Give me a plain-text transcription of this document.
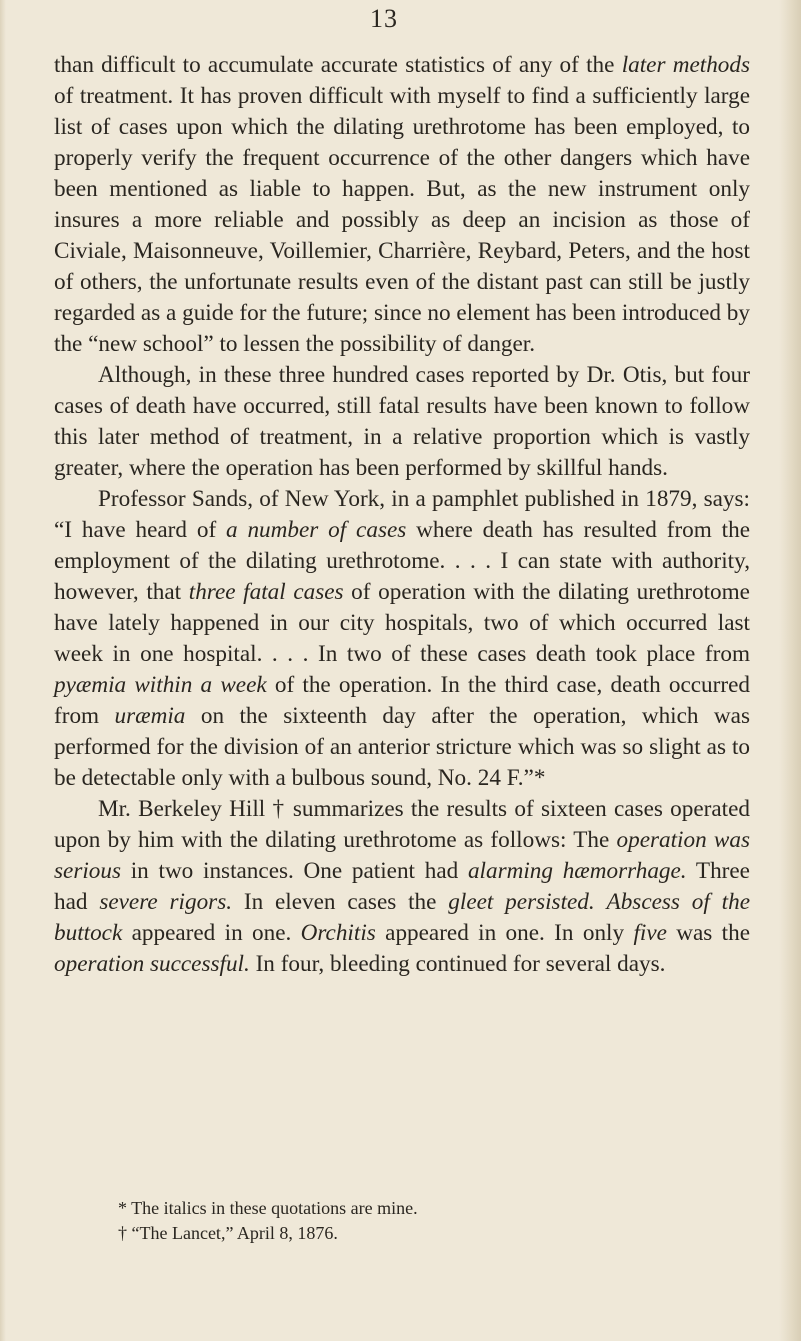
13

than difficult to accumulate accurate statistics of any of the later methods of treatment. It has proven difficult with myself to find a sufficiently large list of cases upon which the dilating urethrotome has been employed, to properly verify the frequent occurrence of the other dangers which have been mentioned as liable to happen. But, as the new instrument only insures a more reliable and possibly as deep an incision as those of Civiale, Maisonneuve, Voillemier, Charrière, Reybard, Peters, and the host of others, the unfortunate results even of the distant past can still be justly regarded as a guide for the future; since no element has been introduced by the “new school” to lessen the possibility of danger.

Although, in these three hundred cases reported by Dr. Otis, but four cases of death have occurred, still fatal results have been known to follow this later method of treatment, in a relative proportion which is vastly greater, where the operation has been performed by skillful hands.

Professor Sands, of New York, in a pamphlet published in 1879, says: “I have heard of a number of cases where death has resulted from the employment of the dilating urethrotome. . . . I can state with authority, however, that three fatal cases of operation with the dilating urethrotome have lately happened in our city hospitals, two of which occurred last week in one hospital. . . . In two of these cases death took place from pyæmia within a week of the operation. In the third case, death occurred from uræmia on the sixteenth day after the operation, which was performed for the division of an anterior stricture which was so slight as to be detectable only with a bulbous sound, No. 24 F.”*

Mr. Berkeley Hill † summarizes the results of sixteen cases operated upon by him with the dilating urethrotome as follows: The operation was serious in two instances. One patient had alarming hæmorrhage. Three had severe rigors. In eleven cases the gleet persisted. Abscess of the buttock appeared in one. Orchitis appeared in one. In only five was the operation successful. In four, bleeding continued for several days.

* The italics in these quotations are mine.
† “The Lancet,” April 8, 1876.
